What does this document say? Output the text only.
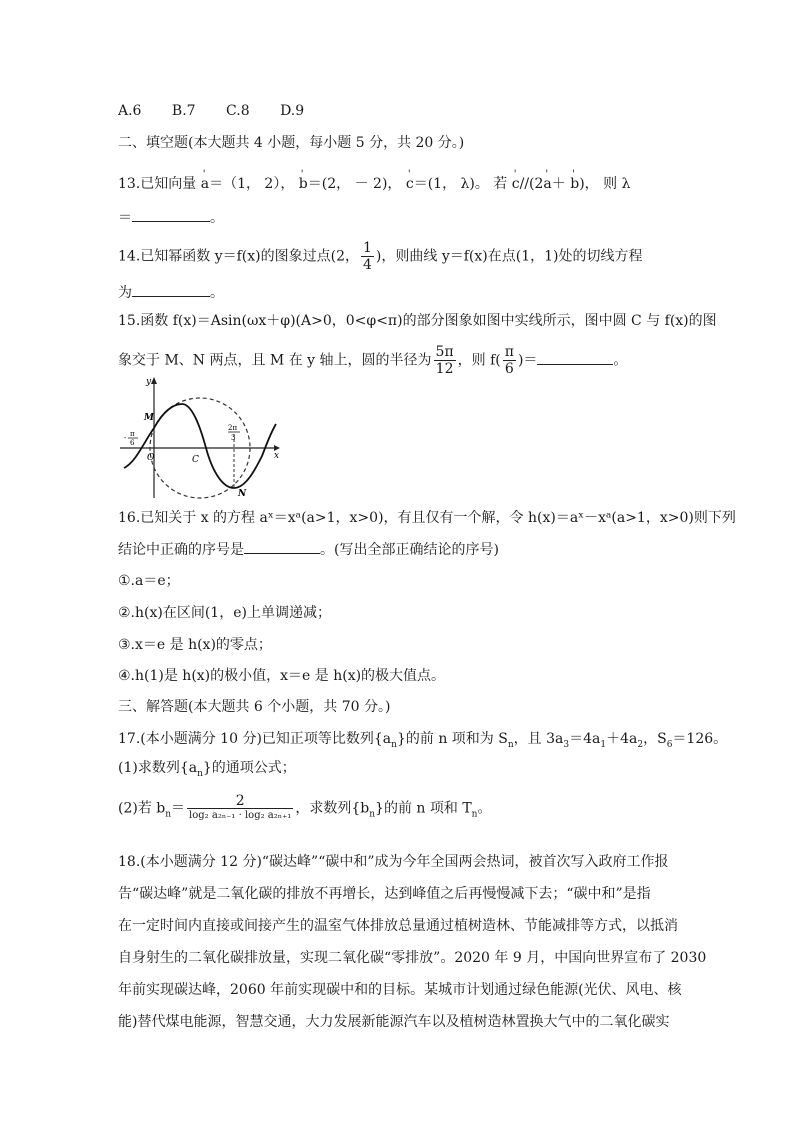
A.6 B.7 C.8 D.9
二、填空题(本大题共 4 小题，每小题 5 分，共 20 分。)
13.已知向量 ' a＝（1， 2）， ' b＝(2， － 2)， ' c＝(1， λ)。 若 ' c//(2' a＋ ' b)， 则 λ
＝	。
14.已知幂函数 y＝f(x)的图象过点(2， $\frac{1}{4}$ )，则曲线 y＝f(x)在点(1，1)处的切线方程
为	。
15.函数 f(x)＝Asin(ωx＋φ)(A>0，0<φ<π)的部分图象如图中实线所示，图中圆 C 与 f(x)的图
象交于 M、N 两点，且 M 在 y 轴上，圆的半径为 $\frac{5\pi}{12}$ ，则 $f( \frac{\pi}{6}$ )＝	。
y
x
M
N
C
O
- π
6
2π
3
16.已知关于 x 的方程 aˣ＝xᵃ(a>1，x>0)，有且仅有一个解，令 h(x)＝aˣ－xᵃ(a>1，x>0)则下列
结论中正确的序号是	。(写出全部正确结论的序号)
①.a＝e；
②.h(x)在区间(1，e)上单调递减；
③.x＝e 是 h(x)的零点；
④.h(1)是 h(x)的极小值，x＝e 是 h(x)的极大值点。
三、解答题(本大题共 6 个小题，共 70 分。)
17.(本小题满分 10 分)已知正项等比数列$\{a_n\}$的前 n 项和为 $S_n$，且 $3a_3=4a_1+4a_2$，$S_6=126$。
(1)求数列$\{a_n\}$的通项公式；
(2)若 $b_n= \frac{2}{\text{log₂ a₂ₙ₋₁ · log₂ a₂ₙ₊₁}}$ ，求数列$\{b_n\}$的前 n 项和 $T_n$。
18.(本小题满分 12 分)“碳达峰”“碳中和”成为今年全国两会热词，被首次写入政府工作报
告“碳达峰”就是二氧化碳的排放不再增长，达到峰值之后再慢慢减下去；“碳中和”是指
在一定时间内直接或间接产生的温室气体排放总量通过植树造林、节能减排等方式，以抵消
自身射生的二氧化碳排放量，实现二氧化碳“零排放”。2020 年 9 月，中国向世界宣布了 2030
年前实现碳达峰，2060 年前实现碳中和的目标。某城市计划通过绿色能源(光伏、风电、核
能)替代煤电能源，智慧交通，大力发展新能源汽车以及植树造林置换大气中的二氧化碳实
